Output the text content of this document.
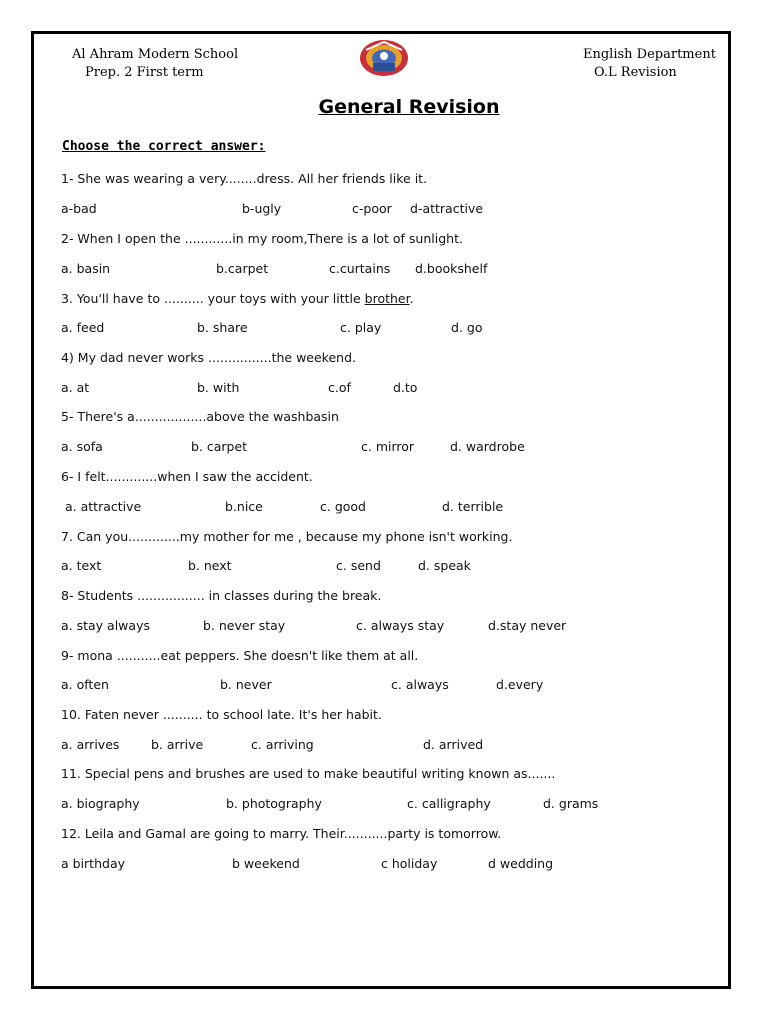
Al Ahram Modern School
Prep. 2 First term
English Department
O.L Revision
General Revision
Choose the correct answer:
1- She was wearing a very........dress. All her friends like it.
a-bad	b-ugly	c-poor d-attractive
2- When I open the ............in my room,There is a lot of sunlight.
a. basin	b.carpet	c.curtains d.bookshelf
3. You'll have to .......... your toys with your little brother.
a. feed	b. share	c. play	d. go
4) My dad never works ................the weekend.
a. at	b. with	c.of	d.to
5- There's a..................above the washbasin
a. sofa	b. carpet	c. mirror	d. wardrobe
6- I felt.............when I saw the accident.
a. attractive	b.nice	c. good	d. terrible
7. Can you.............my mother for me , because my phone isn't working.
a. text	b. next	c. send	d. speak
8- Students ................. in classes during the break.
a. stay always	b. never stay	c. always stay	d.stay never
9- mona ...........eat peppers. She doesn't like them at all.
a. often	b. never	c. always	d.every
10. Faten never .......... to school late. It's her habit.
a. arrives	b. arrive	c. arriving	d. arrived
11. Special pens and brushes are used to make beautiful writing known as.......
a. biography	b. photography	c. calligraphy	d. grams
12. Leila and Gamal are going to marry. Their...........party is tomorrow.
a birthday	b weekend	c holiday	d wedding
